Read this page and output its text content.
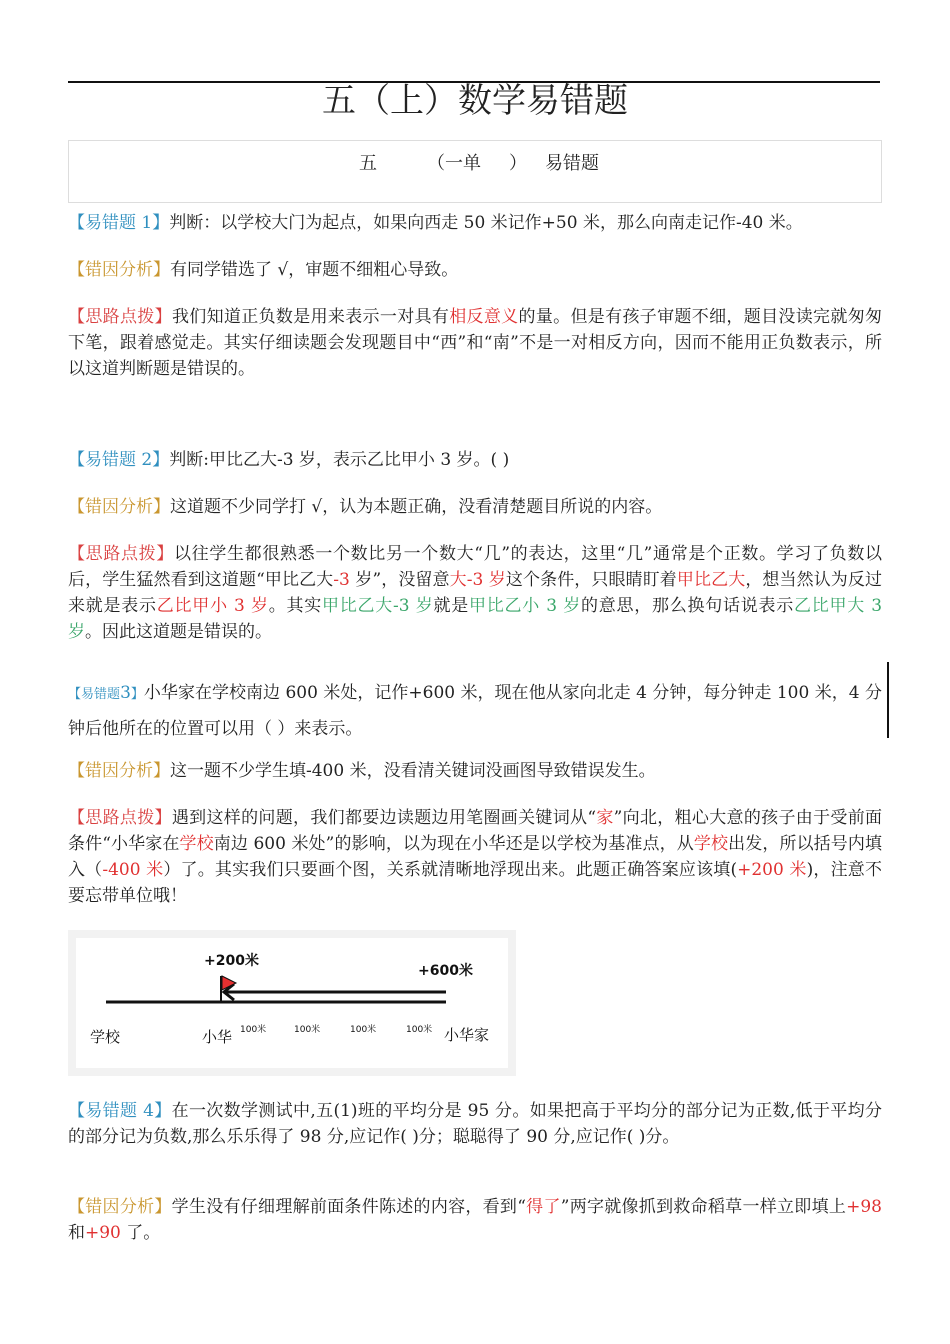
五（上）数学易错题
五	（一单 ） 易错题
【易错题 1】判断：以学校大门为起点，如果向西走 50 米记作+50 米，那么向南走记作-40 米。
【错因分析】有同学错选了 √，审题不细粗心导致。
【思路点拨】我们知道正负数是用来表示一对具有相反意义的量。但是有孩子审题不细，题目没读完就匆匆下笔，跟着感觉走。其实仔细读题会发现题目中“西”和“南”不是一对相反方向，因而不能用正负数表示，所以这道判断题是错误的。
【易错题 2】判断:甲比乙大-3 岁，表示乙比甲小 3 岁。( )
【错因分析】这道题不少同学打 √，认为本题正确，没看清楚题目所说的内容。
【思路点拨】以往学生都很熟悉一个数比另一个数大“几”的表达，这里“几”通常是个正数。学习了负数以后，学生猛然看到这道题“甲比乙大-3 岁”，没留意大-3 岁这个条件，只眼睛盯着甲比乙大，想当然认为反过来就是表示乙比甲小 3 岁。其实甲比乙大-3 岁就是甲比乙小 3 岁的意思，那么换句话说表示乙比甲大 3 岁。因此这道题是错误的。
【易错题3】小华家在学校南边 600 米处，记作+600 米，现在他从家向北走 4 分钟，每分钟走 100 米，4 分钟后他所在的位置可以用（ ）来表示。
【错因分析】这一题不少学生填-400 米，没看清关键词没画图导致错误发生。
【思路点拨】遇到这样的问题，我们都要边读题边用笔圈画关键词从“家”向北，粗心大意的孩子由于受前面条件“小华家在学校南边 600 米处”的影响，以为现在小华还是以学校为基准点，从学校出发，所以括号内填入（-400 米）了。其实我们只要画个图，关系就清晰地浮现出来。此题正确答案应该填(+200 米)，注意不要忘带单位哦！
+200米
+600米
学校	小华 100米	100米	100米	100米 小华家
【易错题 4】在一次数学测试中,五(1)班的平均分是 95 分。如果把高于平均分的部分记为正数,低于平均分的部分记为负数,那么乐乐得了 98 分,应记作( )分；聪聪得了 90 分,应记作( )分。
【错因分析】学生没有仔细理解前面条件陈述的内容，看到“得了”两字就像抓到救命稻草一样立即填上+98 和+90 了。
